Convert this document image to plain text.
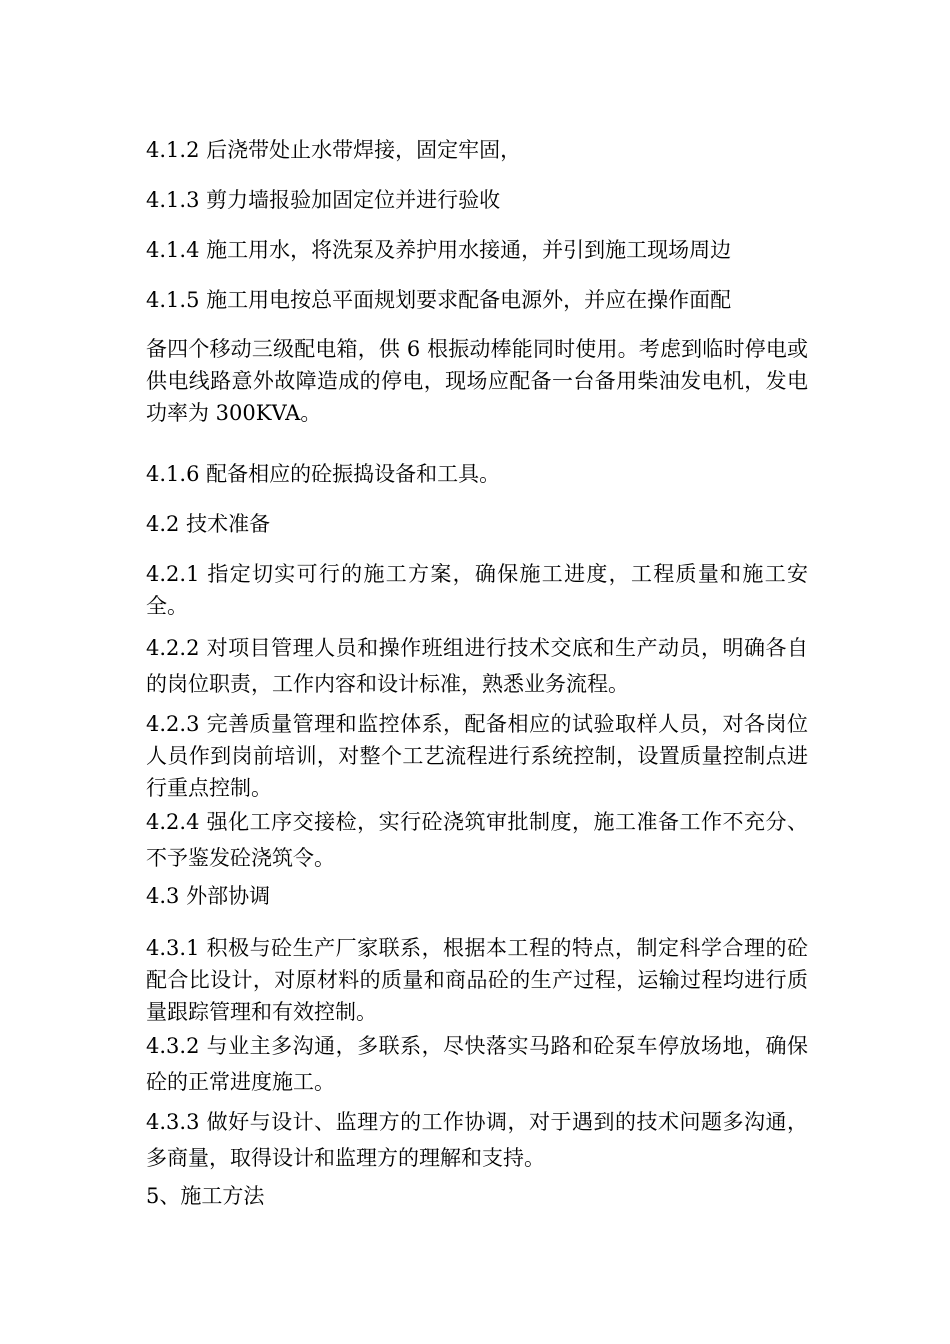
4.1.2 后浇带处止水带焊接，固定牢固，

4.1.3 剪力墙报验加固定位并进行验收

4.1.4 施工用水，将洗泵及养护用水接通，并引到施工现场周边

4.1.5 施工用电按总平面规划要求配备电源外，并应在操作面配

备四个移动三级配电箱，供 6 根振动棒能同时使用。考虑到临时停电或供电线路意外故障造成的停电，现场应配备一台备用柴油发电机，发电功率为 300KVA。

4.1.6 配备相应的砼振捣设备和工具。

4.2 技术准备

4.2.1 指定切实可行的施工方案，确保施工进度，工程质量和施工安全。

4.2.2 对项目管理人员和操作班组进行技术交底和生产动员，明确各自的岗位职责，工作内容和设计标准，熟悉业务流程。

4.2.3 完善质量管理和监控体系，配备相应的试验取样人员，对各岗位人员作到岗前培训，对整个工艺流程进行系统控制，设置质量控制点进行重点控制。

4.2.4 强化工序交接检，实行砼浇筑审批制度，施工准备工作不充分、不予鉴发砼浇筑令。

4.3 外部协调

4.3.1 积极与砼生产厂家联系，根据本工程的特点，制定科学合理的砼配合比设计，对原材料的质量和商品砼的生产过程，运输过程均进行质量跟踪管理和有效控制。

4.3.2 与业主多沟通，多联系，尽快落实马路和砼泵车停放场地，确保砼的正常进度施工。

4.3.3 做好与设计、监理方的工作协调，对于遇到的技术问题多沟通，多商量，取得设计和监理方的理解和支持。

5、施工方法
